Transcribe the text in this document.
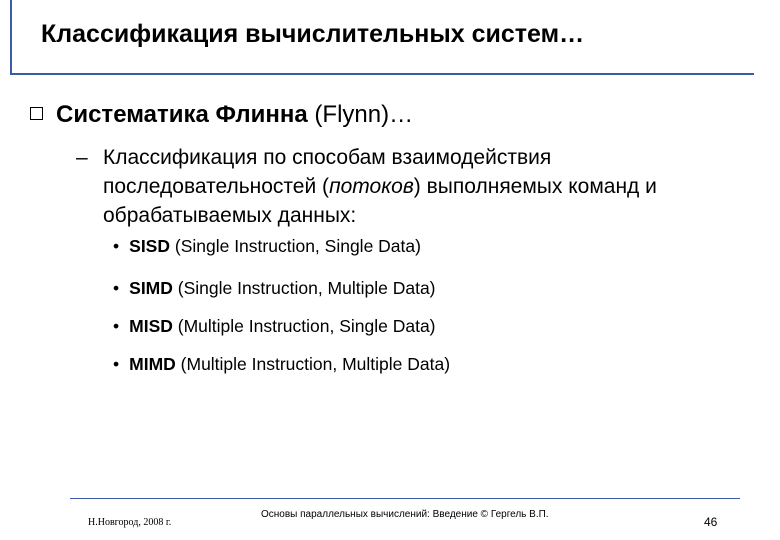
Классификация вычислительных систем…
Систематика Флинна (Flynn)…
– Классификация по способам взаимодействия последовательностей (потоков) выполняемых команд и обрабатываемых данных:
• SISD (Single Instruction, Single Data)
• SIMD (Single Instruction, Multiple Data)
• MISD (Multiple Instruction, Single Data)
• MIMD (Multiple Instruction, Multiple Data)
Н.Новгород, 2008 г.
Основы параллельных вычислений: Введение © Гергель В.П.
46
